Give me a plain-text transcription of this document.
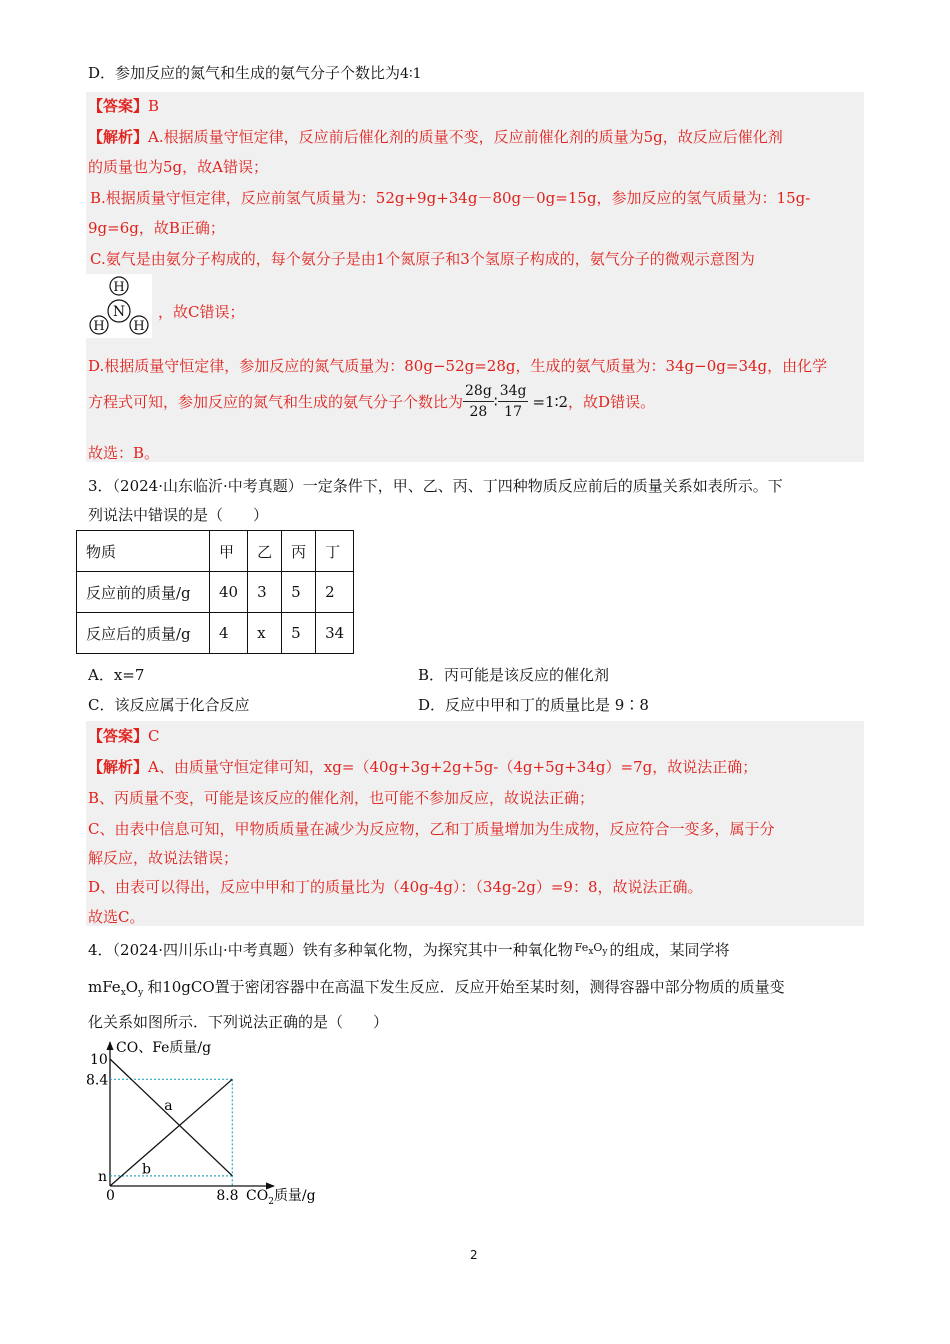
D．参加反应的氮气和生成的氨气分子个数比为4∶1
【答案】B
【解析】A.根据质量守恒定律，反应前后催化剂的质量不变，反应前催化剂的质量为5g，故反应后催化剂
的质量也为5g，故A错误；
B.根据质量守恒定律，反应前氢气质量为：52g+9g+34g－80g－0g=15g，参加反应的氢气质量为：15g-
9g=6g，故B正确；
C.氨气是由氨分子构成的，每个氨分子是由1个氮原子和3个氢原子构成的，氨气分子的微观示意图为
H
N
H H
，故C错误；
D.根据质量守恒定律，参加反应的氮气质量为：80g−52g=28g，生成的氨气质量为：34g−0g=34g，由化学
方程式可知，参加反应的氮气和生成的氨气分子个数比为 $\frac{28g}{28}$ ∶ $\frac{34g}{17}$ =1∶2，故D错误。
故选：B。
3．（2024·山东临沂·中考真题）一定条件下，甲、乙、丙、丁四种物质反应前后的质量关系如表所示。下
列说法中错误的是（　　）
物质	甲	乙	丙	丁
反应前的质量/g	40	3	5	2
反应后的质量/g	4	x	5	34
A．x=7	B．丙可能是该反应的催化剂
C．该反应属于化合反应	D．反应中甲和丁的质量比是 9∶8
【答案】C
【解析】A、由质量守恒定律可知，xg=（40g+3g+2g+5g-（4g+5g+34g）=7g，故说法正确；
B、丙质量不变，可能是该反应的催化剂，也可能不参加反应，故说法正确；
C、由表中信息可知，甲物质质量在减少为反应物，乙和丁质量增加为生成物，反应符合一变多，属于分
解反应，故说法错误；
D、由表可以得出，反应中甲和丁的质量比为（40g-4g）：（34g-2g）=9：8，故说法正确。
故选C。
4．（2024·四川乐山·中考真题）铁有多种氧化物，为探究其中一种氧化物 $^{Fe_xO_y}$ 的组成，某同学将
$mFe_xO_y$ 和10gCO置于密闭容器中在高温下发生反应．反应开始至某时刻，测得容器中部分物质的质量变
化关系如图所示．下列说法正确的是（　　）
CO、Fe质量/g
0
10
8.4
n
8.8 $CO_2$质量/g
a
b
2
